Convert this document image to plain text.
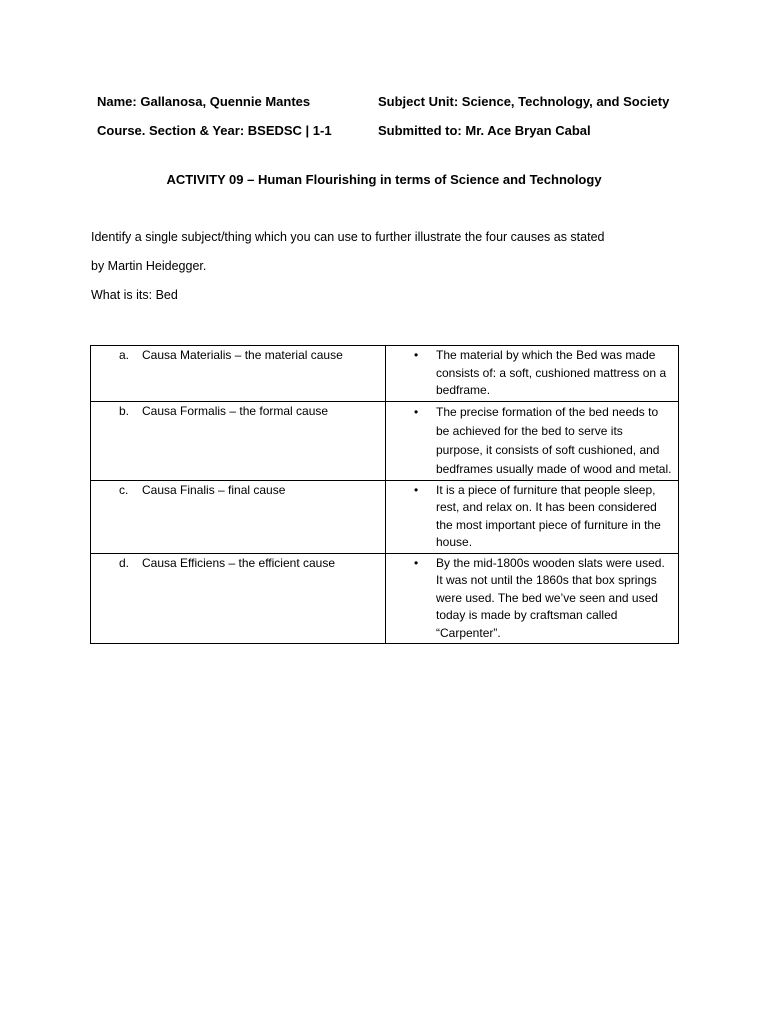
Name: Gallanosa, Quennie Mantes	Subject Unit: Science, Technology, and Society
Course. Section & Year: BSEDSC | 1-1	Submitted to: Mr. Ace Bryan Cabal
ACTIVITY 09 – Human Flourishing in terms of Science and Technology
Identify a single subject/thing which you can use to further illustrate the four causes as stated
by Martin Heidegger.
What is its: Bed
a. Causa Materialis – the material cause	• The material by which the Bed was made consists of: a soft, cushioned mattress on a bedframe.
b. Causa Formalis – the formal cause	• The precise formation of the bed needs to be achieved for the bed to serve its purpose, it consists of soft cushioned, and bedframes usually made of wood and metal.
c. Causa Finalis – final cause	• It is a piece of furniture that people sleep, rest, and relax on. It has been considered the most important piece of furniture in the house.
d. Causa Efficiens – the efficient cause	• By the mid-1800s wooden slats were used. It was not until the 1860s that box springs were used. The bed we’ve seen and used today is made by craftsman called “Carpenter”.
